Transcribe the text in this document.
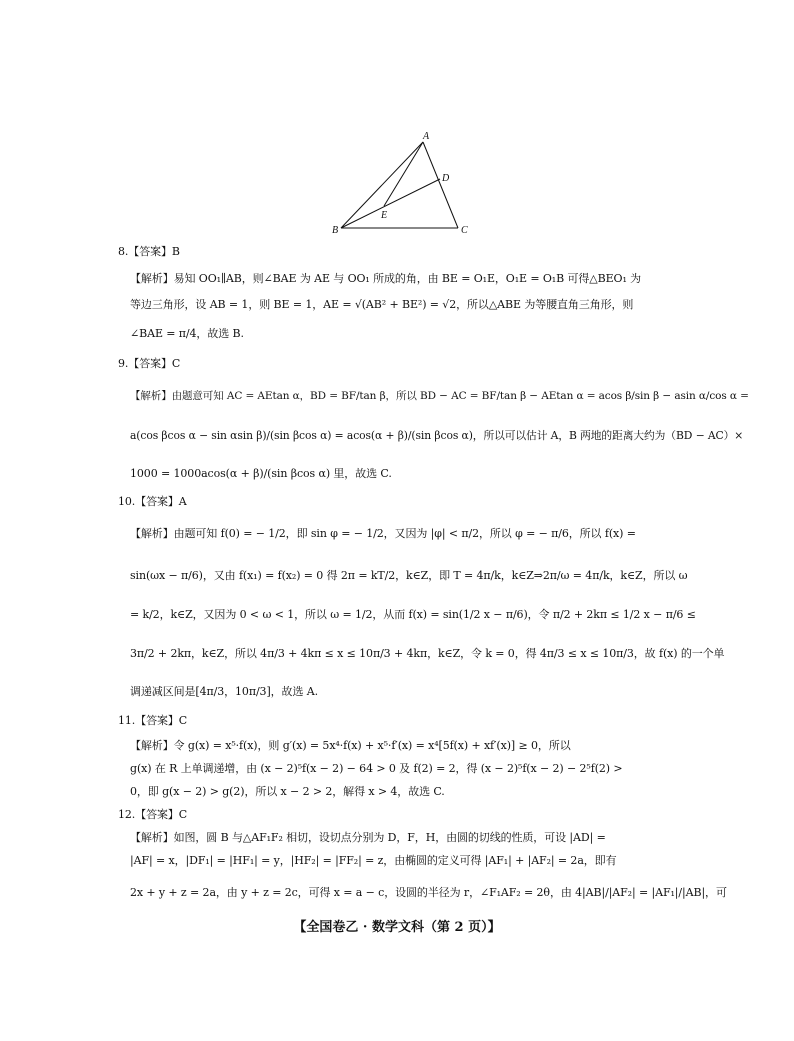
A
B	C
D
E
8.【答案】B
【解析】易知 OO₁∥AB，则∠BAE 为 AE 与 OO₁ 所成的角，由 BE = O₁E，O₁E = O₁B 可得△BEO₁ 为
等边三角形，设 AB = 1，则 BE = 1，AE = √(AB² + BE²) = √2，所以△ABE 为等腰直角三角形，则
∠BAE = π/4，故选 B.
9.【答案】C
【解析】由题意可知 AC = AEtan α，BD = BF/tan β，所以 BD − AC = BF/tan β − AEtan α = acos β/sin β − asin α/cos α =
a(cos βcos α − sin αsin β)/(sin βcos α) = acos(α + β)/(sin βcos α)，所以可以估计 A，B 两地的距离大约为（BD − AC）×
1000 = 1000acos(α + β)/(sin βcos α) 里，故选 C.
10.【答案】A
【解析】由题可知 f(0) = − 1/2，即 sin φ = − 1/2，又因为 |φ| < π/2，所以 φ = − π/6，所以 f(x) =
sin(ωx − π/6)，又由 f(x₁) = f(x₂) = 0 得 2π = kT/2，k∈Z，即 T = 4π/k，k∈Z⇒2π/ω = 4π/k，k∈Z，所以 ω
= k/2，k∈Z，又因为 0 < ω < 1，所以 ω = 1/2，从而 f(x) = sin(1/2 x − π/6)，令 π/2 + 2kπ ≤ 1/2 x − π/6 ≤
3π/2 + 2kπ，k∈Z，所以 4π/3 + 4kπ ≤ x ≤ 10π/3 + 4kπ，k∈Z，令 k = 0，得 4π/3 ≤ x ≤ 10π/3，故 f(x) 的一个单
调递减区间是[4π/3，10π/3]，故选 A.
11.【答案】C
【解析】令 g(x) = x⁵·f(x)，则 g′(x) = 5x⁴·f(x) + x⁵·f′(x) = x⁴[5f(x) + xf′(x)] ≥ 0，所以
g(x) 在 R 上单调递增，由 (x − 2)⁵f(x − 2) − 64 > 0 及 f(2) = 2，得 (x − 2)⁵f(x − 2) − 2⁵f(2) >
0，即 g(x − 2) > g(2)，所以 x − 2 > 2，解得 x > 4，故选 C.
12.【答案】C
【解析】如图，圆 B 与△AF₁F₂ 相切，设切点分别为 D，F，H，由圆的切线的性质，可设 |AD| =
|AF| = x，|DF₁| = |HF₁| = y，|HF₂| = |FF₂| = z，由椭圆的定义可得 |AF₁| + |AF₂| = 2a，即有
2x + y + z = 2a，由 y + z = 2c，可得 x = a − c，设圆的半径为 r，∠F₁AF₂ = 2θ，由 4|AB|/|AF₂| = |AF₁|/|AB|，可
【全国卷乙 · 数学文科（第 2 页）】
